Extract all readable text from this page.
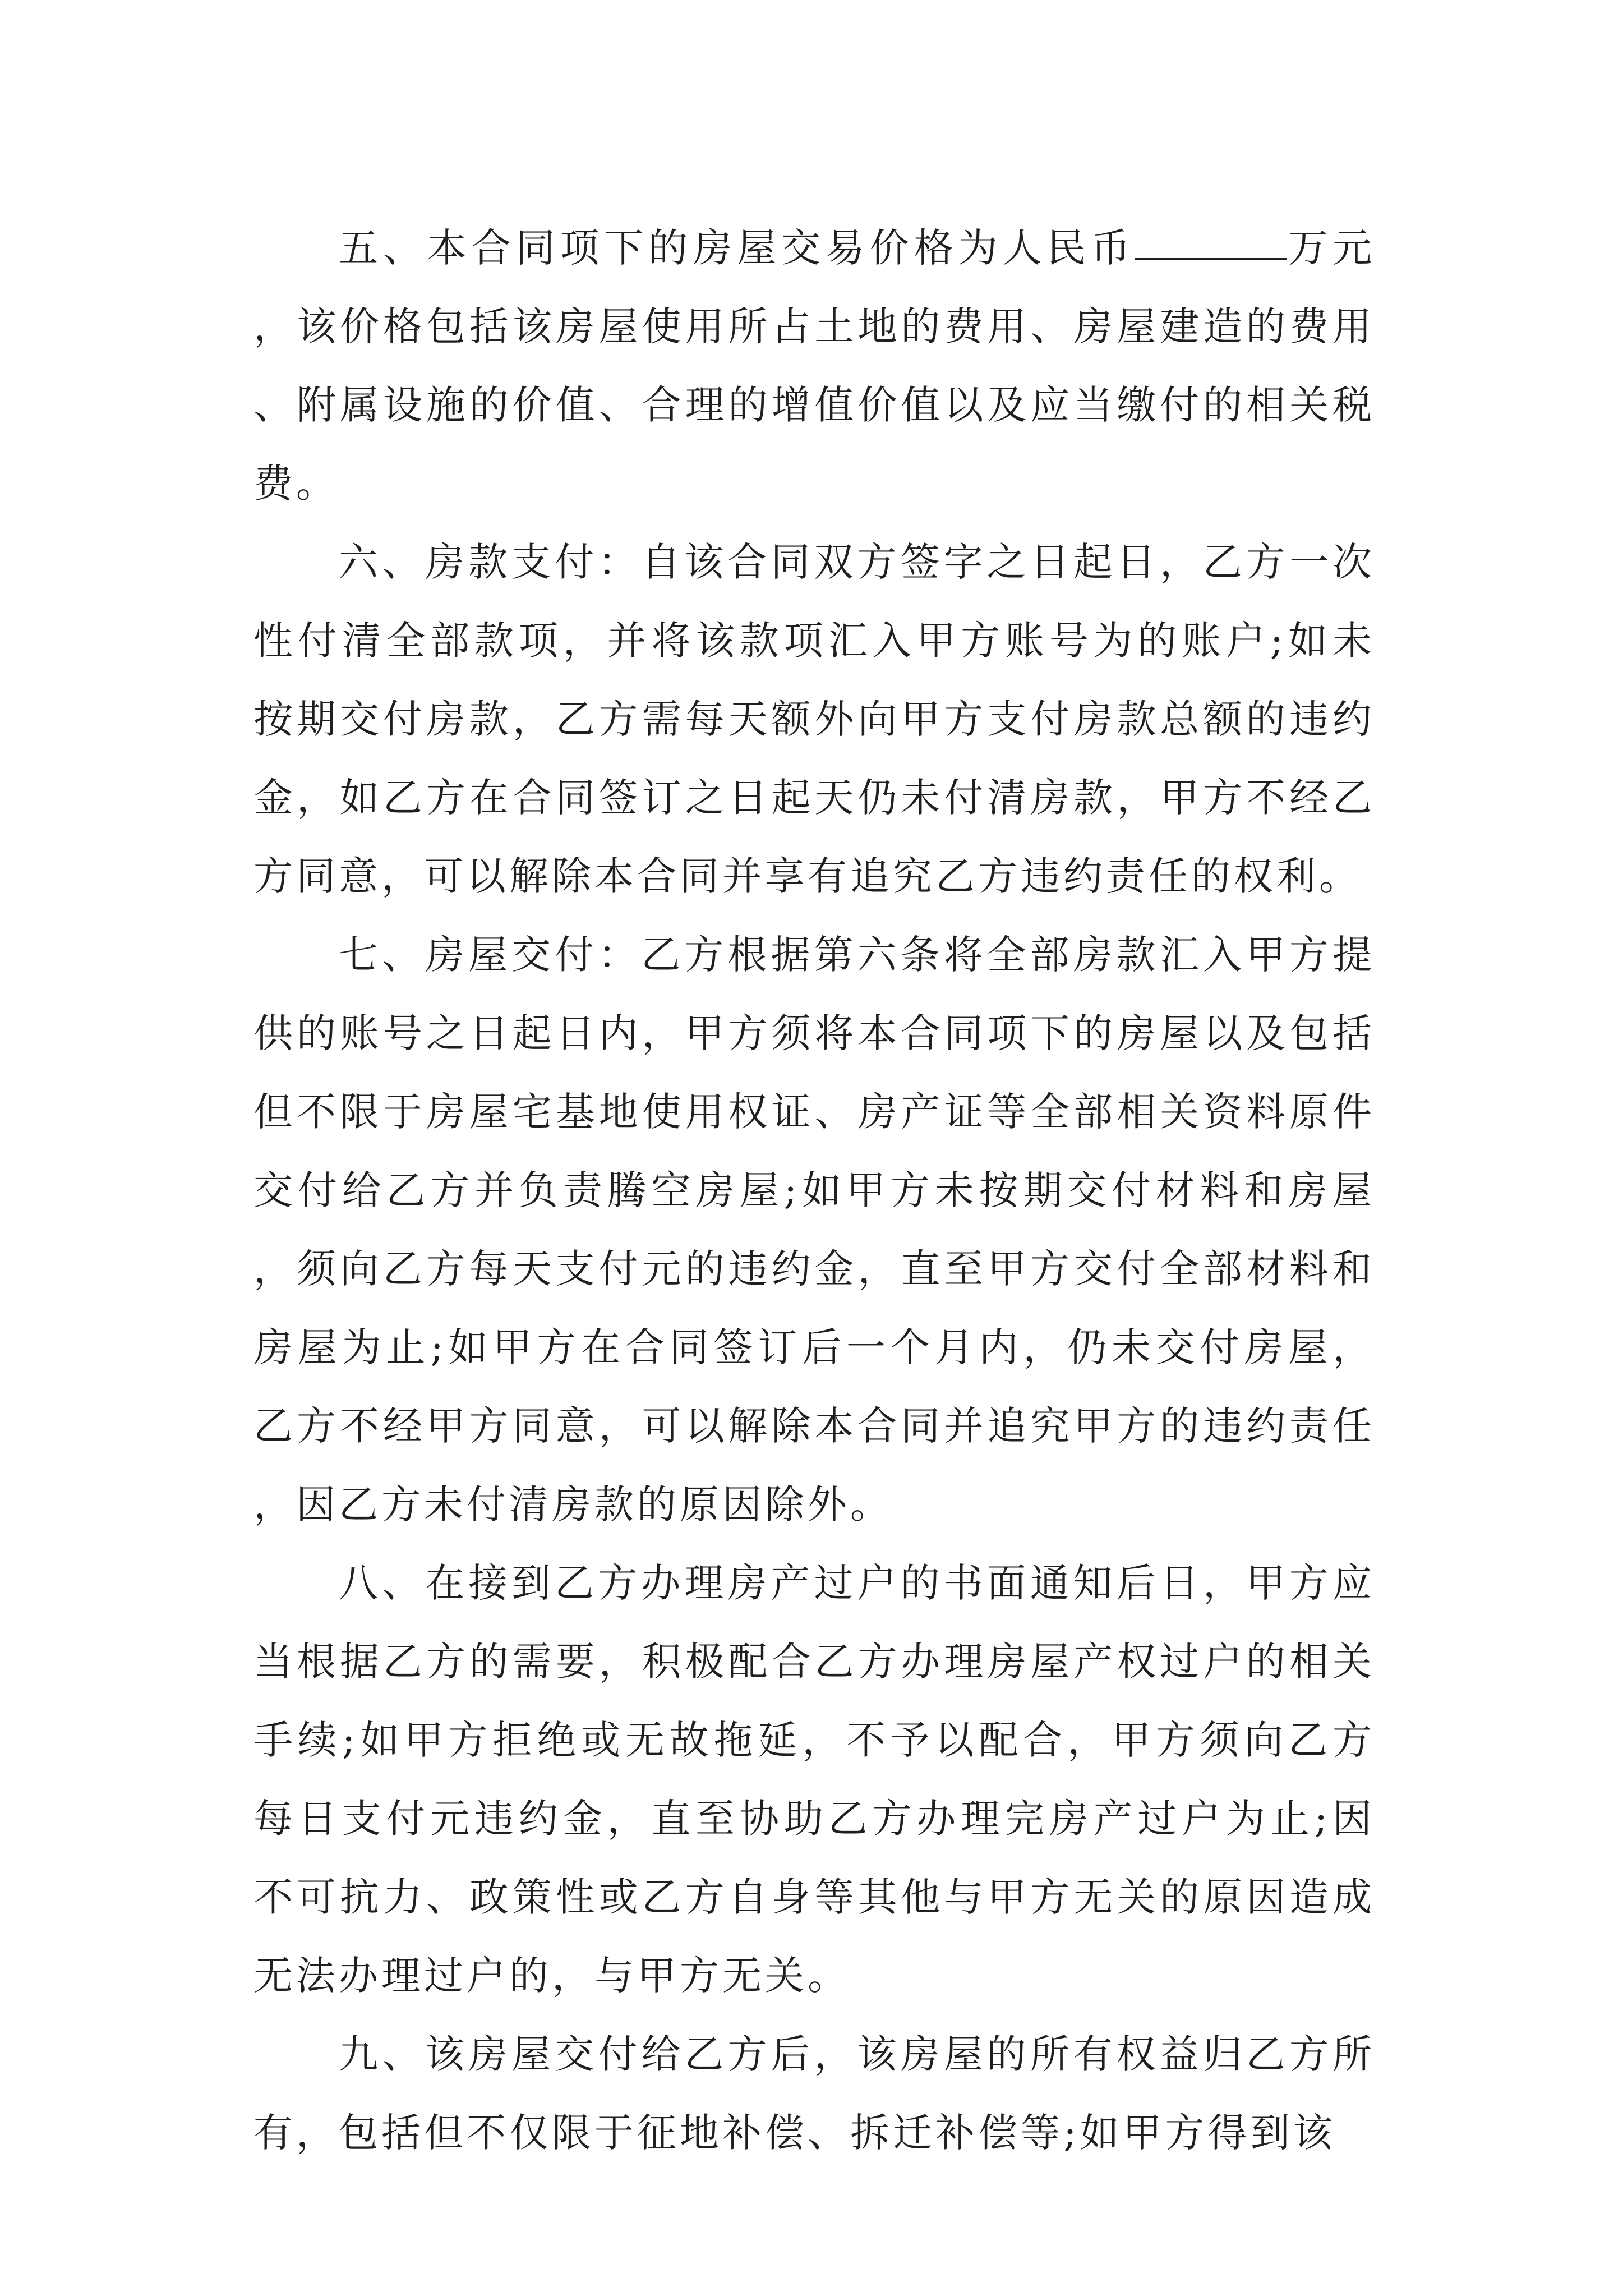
五、本合同项下的房屋交易价格为人民币	万元，该价格包括该房屋使用所占土地的费用、房屋建造的费用、附属设施的价值、合理的增值价值以及应当缴付的相关税费。

六、房款支付：自该合同双方签字之日起日，乙方一次性付清全部款项，并将该款项汇入甲方账号为的账户;如未按期交付房款，乙方需每天额外向甲方支付房款总额的违约金，如乙方在合同签订之日起天仍未付清房款，甲方不经乙方同意，可以解除本合同并享有追究乙方违约责任的权利。

七、房屋交付：乙方根据第六条将全部房款汇入甲方提供的账号之日起日内，甲方须将本合同项下的房屋以及包括但不限于房屋宅基地使用权证、房产证等全部相关资料原件交付给乙方并负责腾空房屋;如甲方未按期交付材料和房屋，须向乙方每天支付元的违约金，直至甲方交付全部材料和房屋为止;如甲方在合同签订后一个月内，仍未交付房屋，乙方不经甲方同意，可以解除本合同并追究甲方的违约责任，因乙方未付清房款的原因除外。

八、在接到乙方办理房产过户的书面通知后日，甲方应当根据乙方的需要，积极配合乙方办理房屋产权过户的相关手续;如甲方拒绝或无故拖延，不予以配合，甲方须向乙方每日支付元违约金，直至协助乙方办理完房产过户为止;因不可抗力、政策性或乙方自身等其他与甲方无关的原因造成无法办理过户的，与甲方无关。

九、该房屋交付给乙方后，该房屋的所有权益归乙方所有，包括但不仅限于征地补偿、拆迁补偿等;如甲方得到该
